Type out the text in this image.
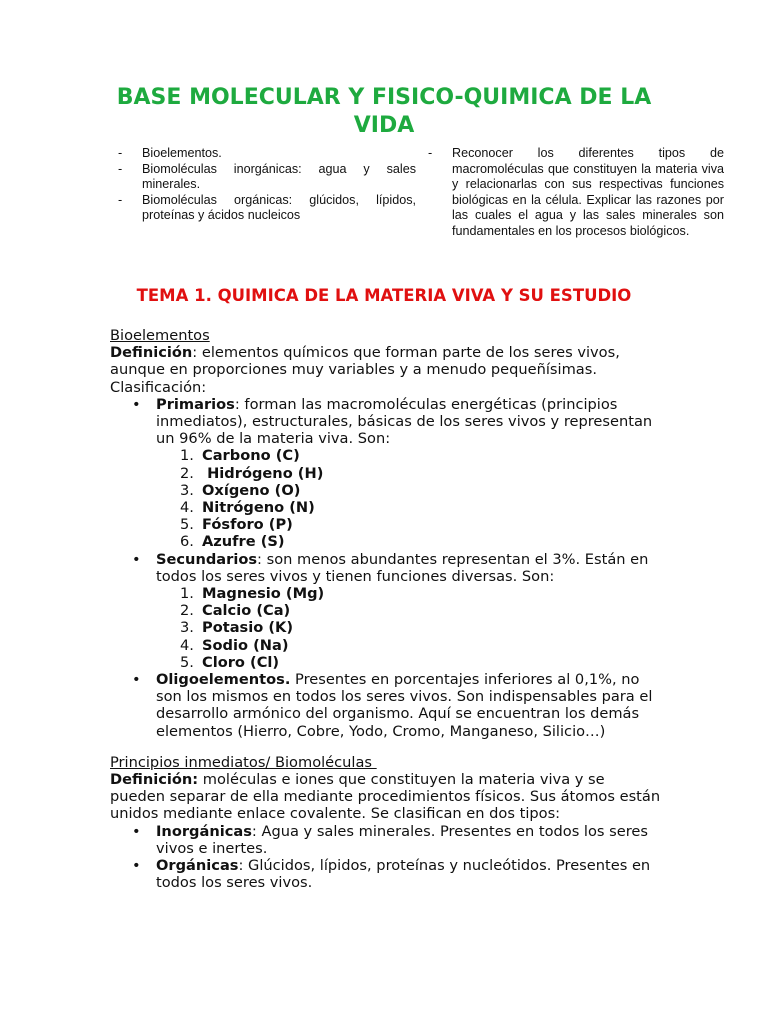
BASE MOLECULAR Y FISICO-QUIMICA DE LA VIDA
- Bioelementos.
- Biomoléculas inorgánicas: agua y sales minerales.
- Biomoléculas orgánicas: glúcidos, lípidos, proteínas y ácidos nucleicos
- Reconocer los diferentes tipos de macromoléculas que constituyen la materia viva y relacionarlas con sus respectivas funciones biológicas en la célula. Explicar las razones por las cuales el agua y las sales minerales son fundamentales en los procesos biológicos.
TEMA 1. QUIMICA DE LA MATERIA VIVA Y SU ESTUDIO

Bioelementos

Definición: elementos químicos que forman parte de los seres vivos, aunque en proporciones muy variables y a menudo pequeñísimas.

Clasificación:

• Primarios: forman las macromoléculas energéticas (principios inmediatos), estructurales, básicas de los seres vivos y representan un 96% de la materia viva. Son:
1. Carbono (C)
2. Hidrógeno (H)
3. Oxígeno (O)
4. Nitrógeno (N)
5. Fósforo (P)
6. Azufre (S)
• Secundarios: son menos abundantes representan el 3%. Están en todos los seres vivos y tienen funciones diversas. Son:
1. Magnesio (Mg)
2. Calcio (Ca)
3. Potasio (K)
4. Sodio (Na)
5. Cloro (Cl)
• Oligoelementos. Presentes en porcentajes inferiores al 0,1%, no son los mismos en todos los seres vivos. Son indispensables para el desarrollo armónico del organismo. Aquí se encuentran los demás elementos (Hierro, Cobre, Yodo, Cromo, Manganeso, Silicio…)

Principios inmediatos/ Biomoléculas

Definición: moléculas e iones que constituyen la materia viva y se pueden separar de ella mediante procedimientos físicos. Sus átomos están unidos mediante enlace covalente. Se clasifican en dos tipos:

• Inorgánicas: Agua y sales minerales. Presentes en todos los seres vivos e inertes.
• Orgánicas: Glúcidos, lípidos, proteínas y nucleótidos. Presentes en todos los seres vivos.
